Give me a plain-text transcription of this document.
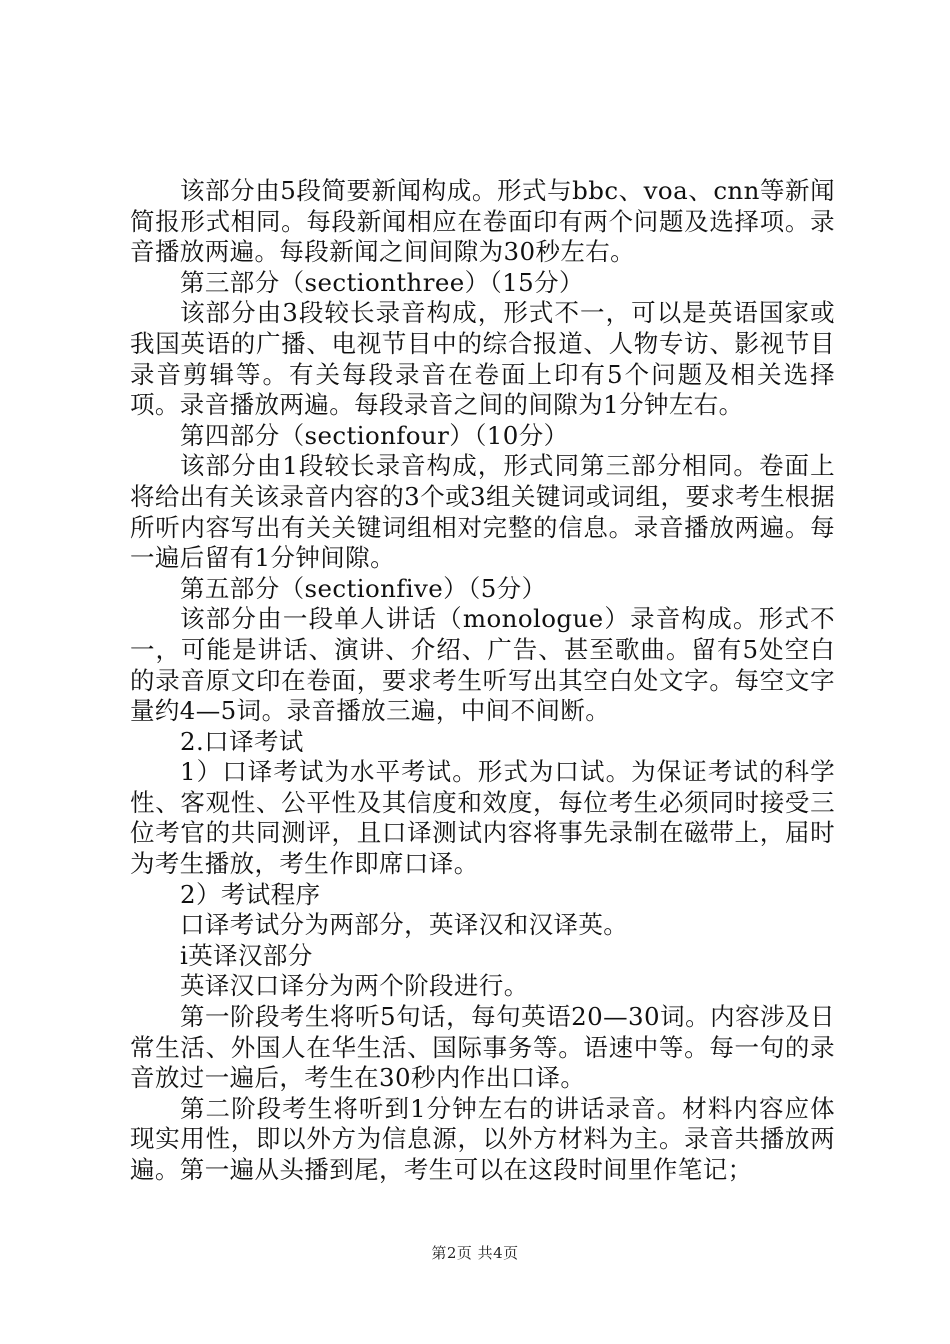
该部分由5段简要新闻构成。形式与bbc、voa、cnn等新闻简报形式相同。每段新闻相应在卷面印有两个问题及选择项。录音播放两遍。每段新闻之间间隙为30秒左右。

第三部分（sectionthree）（15分）

该部分由3段较长录音构成，形式不一，可以是英语国家或我国英语的广播、电视节目中的综合报道、人物专访、影视节目录音剪辑等。有关每段录音在卷面上印有5个问题及相关选择项。录音播放两遍。每段录音之间的间隙为1分钟左右。

第四部分（sectionfour）（10分）

该部分由1段较长录音构成，形式同第三部分相同。卷面上将给出有关该录音内容的3个或3组关键词或词组，要求考生根据所听内容写出有关关键词组相对完整的信息。录音播放两遍。每一遍后留有1分钟间隙。

第五部分（sectionfive）（5分）

该部分由一段单人讲话（monologue）录音构成。形式不一，可能是讲话、演讲、介绍、广告、甚至歌曲。留有5处空白的录音原文印在卷面，要求考生听写出其空白处文字。每空文字量约4—5词。录音播放三遍，中间不间断。

2.口译考试

1）口译考试为水平考试。形式为口试。为保证考试的科学性、客观性、公平性及其信度和效度，每位考生必须同时接受三位考官的共同测评，且口译测试内容将事先录制在磁带上，届时为考生播放，考生作即席口译。

2）考试程序

口译考试分为两部分，英译汉和汉译英。

i英译汉部分

英译汉口译分为两个阶段进行。

第一阶段考生将听5句话，每句英语20—30词。内容涉及日常生活、外国人在华生活、国际事务等。语速中等。每一句的录音放过一遍后，考生在30秒内作出口译。

第二阶段考生将听到1分钟左右的讲话录音。材料内容应体现实用性，即以外方为信息源，以外方材料为主。录音共播放两遍。第一遍从头播到尾，考生可以在这段时间里作笔记；

第2页 共4页
